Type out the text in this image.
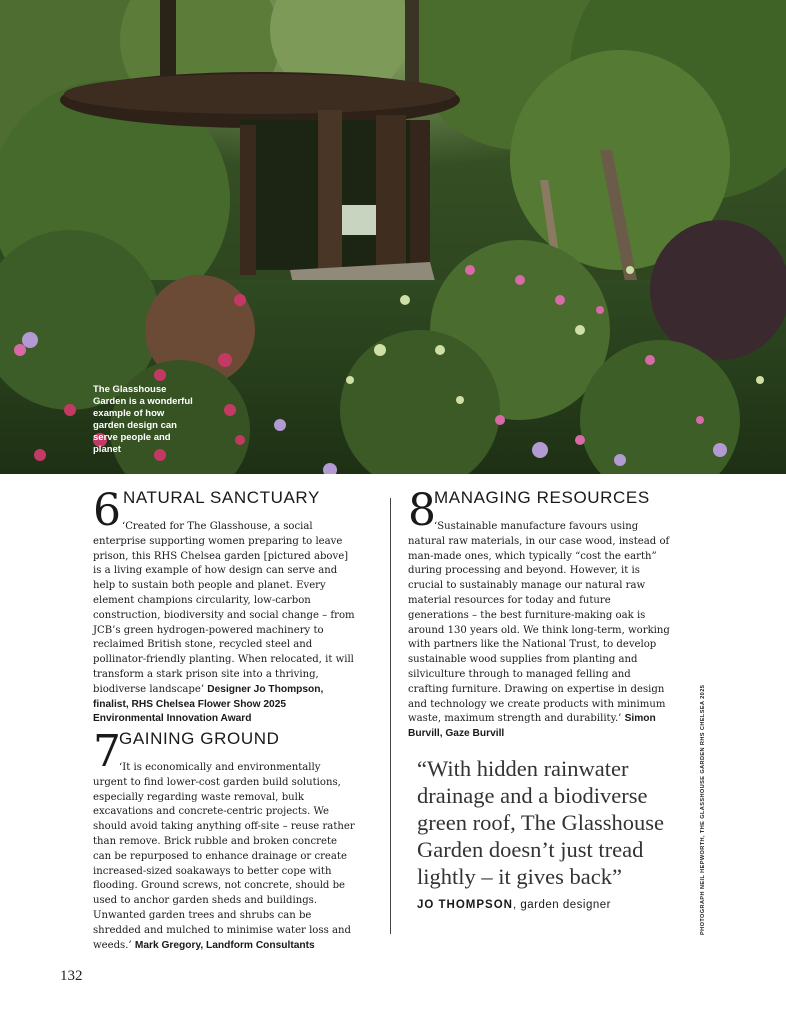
The Glasshouse Garden is a wonderful example of how garden design can serve people and planet
6 NATURAL SANCTUARY

‘Created for The Glasshouse, a social enterprise supporting women preparing to leave prison, this RHS Chelsea garden [pictured above] is a living example of how design can serve and help to sustain both people and planet. Every element champions circularity, low-carbon construction, biodiversity and social change – from JCB’s green hydrogen-powered machinery to reclaimed British stone, recycled steel and pollinator-friendly planting. When relocated, it will transform a stark prison site into a thriving, biodiverse landscape’ Designer Jo Thompson, finalist, RHS Chelsea Flower Show 2025 Environmental Innovation Award

7
GAINING GROUND

‘It is economically and environmentally urgent to find lower-cost garden build solutions, especially regarding waste removal, bulk excavations and concrete-centric projects. We should avoid taking anything off-site – reuse rather than remove. Brick rubble and broken concrete can be repurposed to enhance drainage or create increased-sized soakaways to better cope with flooding. Ground screws, not concrete, should be used to anchor garden sheds and buildings. Unwanted garden trees and shrubs can be shredded and mulched to minimise water loss and weeds.’ Mark Gregory, Landform Consultants

8
MANAGING RESOURCES

‘Sustainable manufacture favours using natural raw materials, in our case wood, instead of man-made ones, which typically “cost the earth” during processing and beyond. However, it is crucial to sustainably manage our natural raw material resources for today and future generations – the best furniture-making oak is around 130 years old. We think long-term, working with partners like the National Trust, to develop sustainable wood supplies from planting and silviculture through to managed felling and crafting furniture. Drawing on expertise in design and technology we create products with minimum waste, maximum strength and durability.’ Simon Burvill, Gaze Burvill

“With hidden rainwater drainage and a biodiverse green roof, The Glasshouse Garden doesn’t just tread lightly – it gives back”
JO THOMPSON, garden designer	PHOTOGRAPH NEIL HEPWORTH, THE GLASSHOUSE GARDEN RHS CHELSEA 2025
132
